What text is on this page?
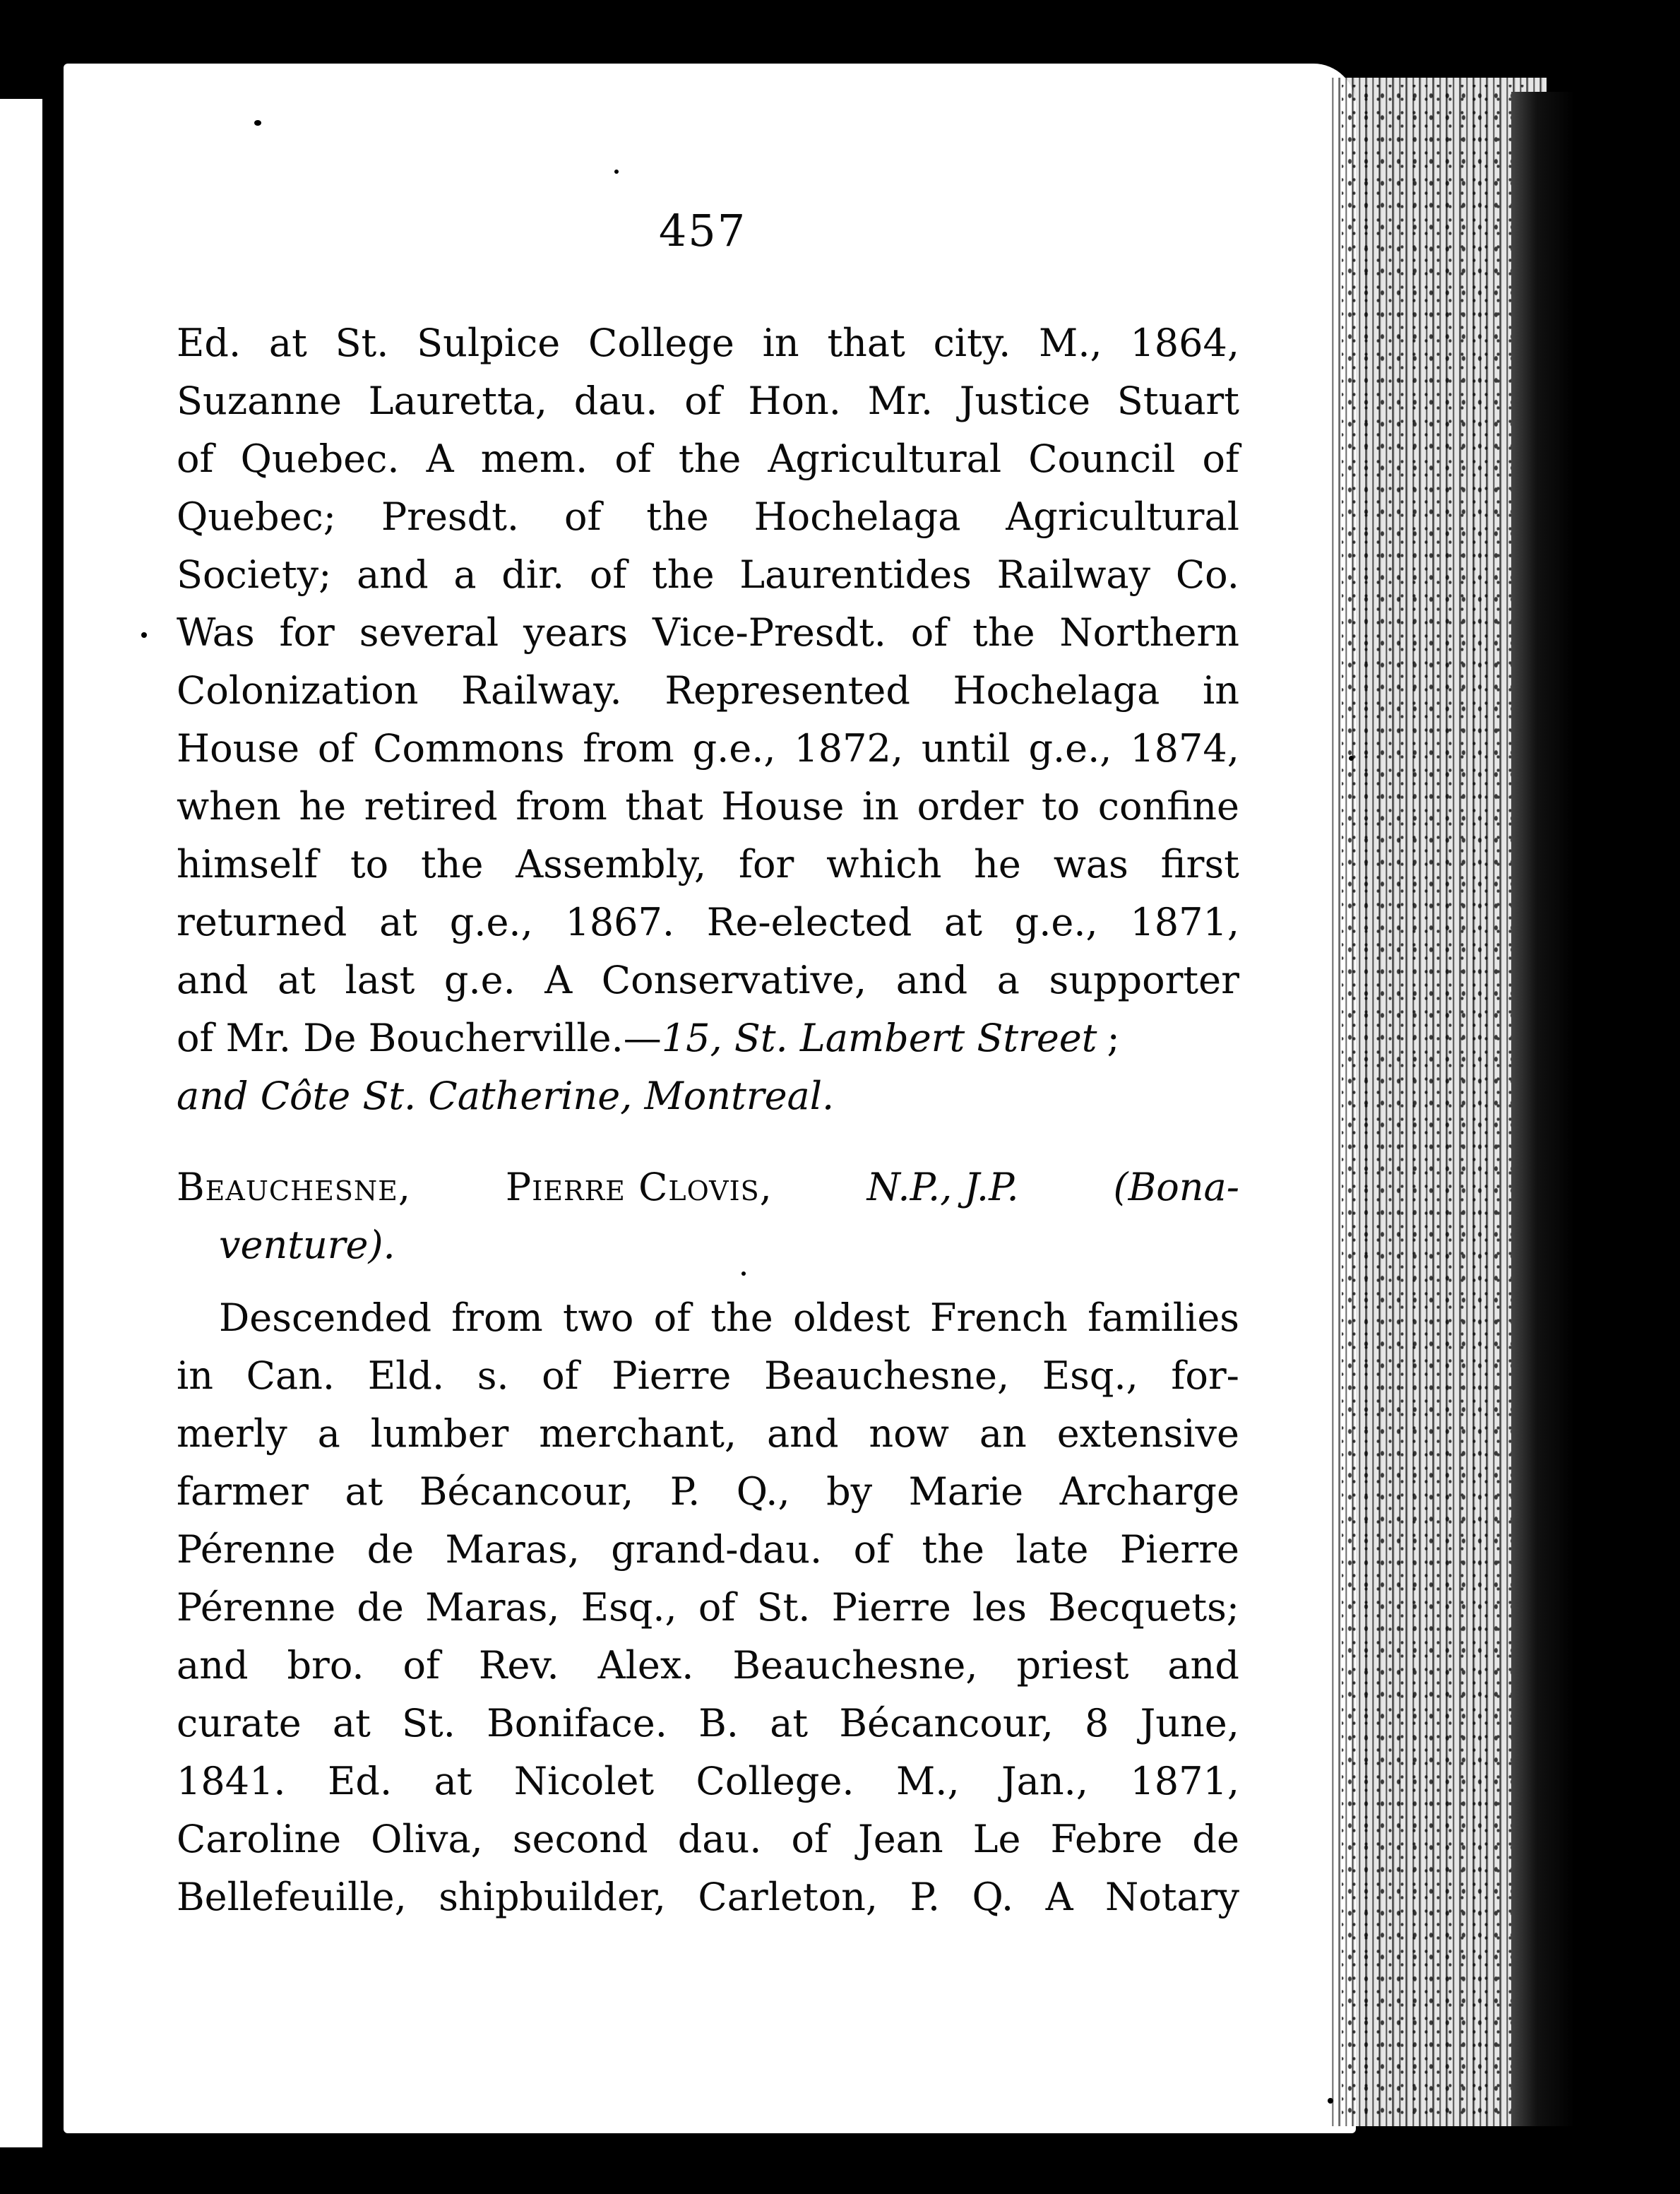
457
Ed. at St. Sulpice College in that city. M., 1864,
Suzanne Lauretta, dau. of Hon. Mr. Justice Stuart
of Quebec. A mem. of the Agricultural Council of
Quebec; Presdt. of the Hochelaga Agricultural
Society; and a dir. of the Laurentides Railway Co.
Was for several years Vice-Presdt. of the Northern
Colonization Railway. Represented Hochelaga in
House of Commons from g.e., 1872, until g.e., 1874,
when he retired from that House in order to confine
himself to the Assembly, for which he was first
returned at g.e., 1867. Re-elected at g.e., 1871,
and at last g.e. A Conservative, and a supporter
of Mr. De Boucherville.— 15, St. Lambert Street ;
and Côte St. Catherine, Montreal.
Beauchesne, Pierre Clovis, N.P., J.P. (Bona-
venture).
Descended from two of the oldest French families
in Can. Eld. s. of Pierre Beauchesne, Esq., for-
merly a lumber merchant, and now an extensive
farmer at Bécancour, P. Q., by Marie Archarge
Pérenne de Maras, grand-dau. of the late Pierre
Pérenne de Maras, Esq., of St. Pierre les Becquets;
and bro. of Rev. Alex. Beauchesne, priest and
curate at St. Boniface. B. at Bécancour, 8 June,
1841. Ed. at Nicolet College. M., Jan., 1871,
Caroline Oliva, second dau. of Jean Le Febre de
Bellefeuille, shipbuilder, Carleton, P. Q. A Notary
